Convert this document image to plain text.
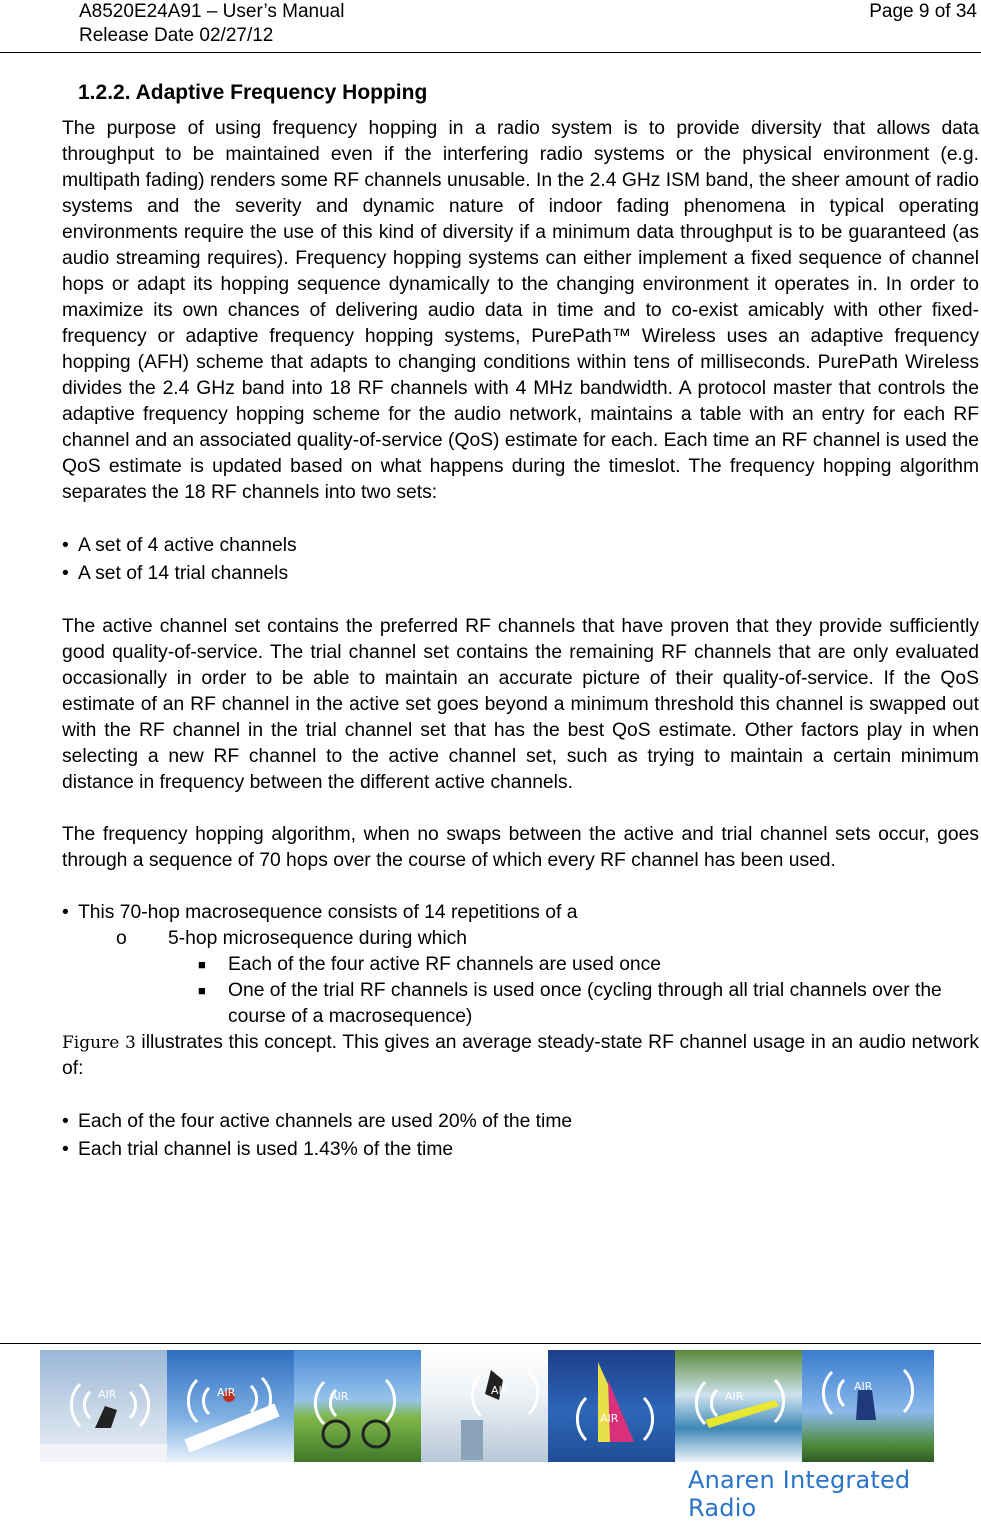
A8520E24A91 – User’s Manual
Release Date 02/27/12
Page 9 of 34
1.2.2. Adaptive Frequency Hopping

The purpose of using frequency hopping in a radio system is to provide diversity that allows data throughput to be maintained even if the interfering radio systems or the physical environment (e.g. multipath fading) renders some RF channels unusable. In the 2.4 GHz ISM band, the sheer amount of radio systems and the severity and dynamic nature of indoor fading phenomena in typical operating environments require the use of this kind of diversity if a minimum data throughput is to be guaranteed (as audio streaming requires). Frequency hopping systems can either implement a fixed sequence of channel hops or adapt its hopping sequence dynamically to the changing environment it operates in. In order to maximize its own chances of delivering audio data in time and to co-exist amicably with other fixed-frequency or adaptive frequency hopping systems, PurePath™ Wireless uses an adaptive frequency hopping (AFH) scheme that adapts to changing conditions within tens of milliseconds. PurePath Wireless divides the 2.4 GHz band into 18 RF channels with 4 MHz bandwidth. A protocol master that controls the adaptive frequency hopping scheme for the audio network, maintains a table with an entry for each RF channel and an associated quality-of-service (QoS) estimate for each. Each time an RF channel is used the QoS estimate is updated based on what happens during the timeslot. The frequency hopping algorithm separates the 18 RF channels into two sets:

• A set of 4 active channels
• A set of 14 trial channels

The active channel set contains the preferred RF channels that have proven that they provide sufficiently good quality-of-service. The trial channel set contains the remaining RF channels that are only evaluated occasionally in order to be able to maintain an accurate picture of their quality-of-service. If the QoS estimate of an RF channel in the active set goes beyond a minimum threshold this channel is swapped out with the RF channel in the trial channel set that has the best QoS estimate. Other factors play in when selecting a new RF channel to the active channel set, such as trying to maintain a certain minimum distance in frequency between the different active channels.

The frequency hopping algorithm, when no swaps between the active and trial channel sets occur, goes through a sequence of 70 hops over the course of which every RF channel has been used.

• This 70-hop macrosequence consists of 14 repetitions of a
o 5-hop microsequence during which
■ Each of the four active RF channels are used once
■ One of the trial RF channels is used once (cycling through all trial channels over the course of a macrosequence)

Figure 3 illustrates this concept. This gives an average steady-state RF channel usage in an audio network of:

• Each of the four active channels are used 20% of the time
• Each trial channel is used 1.43% of the time
AIR	AIR	AIR	AIR
AIR
AIR
AIR
Anaren Integrated Radio
